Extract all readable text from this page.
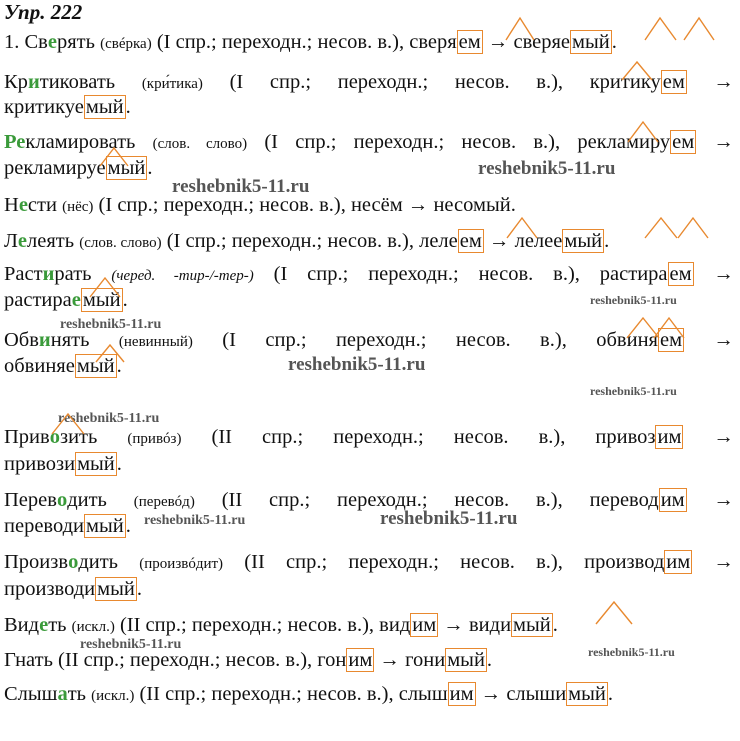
Упр. 222
1. Сверять (свéрка) (I спр.; переходн.; несов. в.), сверяем → сверяемый.
Критиковать (кри́тика) (I спр.; переходн.; несов. в.), критикуем →
критикуемый.
Рекламировать (слов. слово) (I спр.; переходн.; несов. в.), рекламируем →
рекламируемый.
Нести (нёс) (I спр.; переходн.; несов. в.), несём → несомый.
Лелеять (слов. слово) (I спр.; переходн.; несов. в.), лелеем → лелеемый.
Растирать (черед. -тир-/-тер-) (I спр.; переходн.; несов. в.), растираем →
растираемый.
Обвинять (невинный) (I спр.; переходн.; несов. в.), обвиняем →
обвиняемый.
Привозить (привóз) (II спр.; переходн.; несов. в.), привозим →
привозимый.
Переводить (перевóд) (II спр.; переходн.; несов. в.), переводим →
переводимый.
Производить (произвóдит) (II спр.; переходн.; несов. в.), производим →
производимый.
Видеть (искл.) (II спр.; переходн.; несов. в.), видим → видимый.
Гнать (II спр.; переходн.; несов. в.), гоним → гонимый.
Слышать (искл.) (II спр.; переходн.; несов. в.), слышим → слышимый.
reshebnik5-11.ru
reshebnik5-11.ru
reshebnik5-11.ru
reshebnik5-11.ru
reshebnik5-11.ru
reshebnik5-11.ru
reshebnik5-11.ru
reshebnik5-11.ru	reshebnik5-11.ru
reshebnik5-11.ru	reshebnik5-11.ru
